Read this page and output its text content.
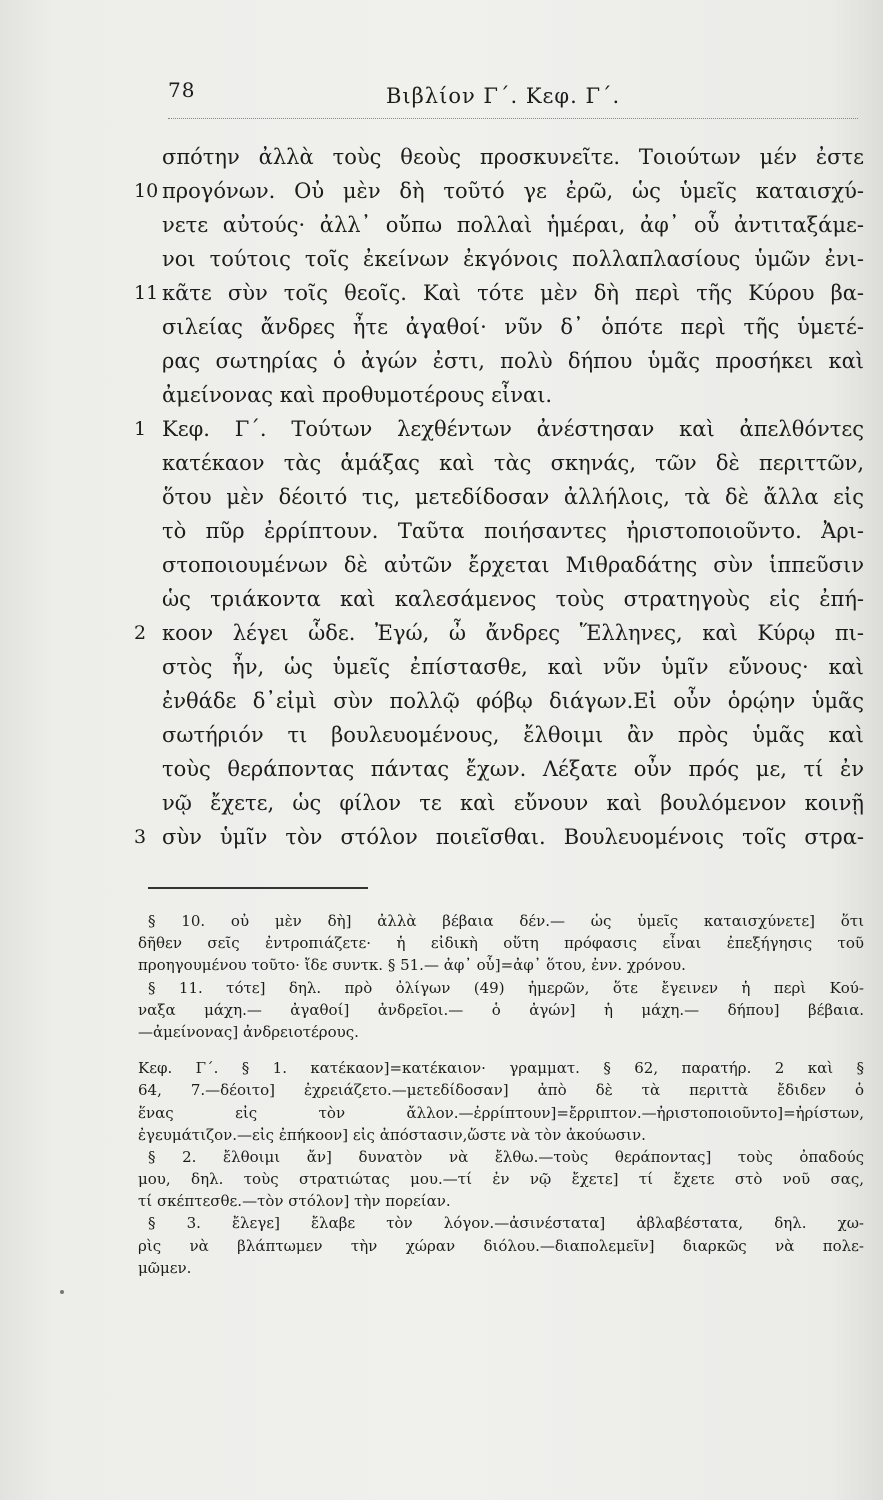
78	Βιβλίον Γ΄. Κεφ. Γ΄.
σπότην ἀλλὰ τοὺς θεοὺς προσκυνεῖτε. Τοιούτων μέν ἐστε
10 προγόνων. Οὐ μὲν δὴ τοῦτό γε ἐρῶ, ὡς ὑμεῖς καταισχύ-
νετε αὐτούς· ἀλλ᾽ οὔπω πολλαὶ ἡμέραι, ἀφ᾽ οὗ ἀντιταξάμε-
νοι τούτοις τοῖς ἐκείνων ἐκγόνοις πολλαπλασίους ὑμῶν ἐνι-
11 κᾶτε σὺν τοῖς θεοῖς. Καὶ τότε μὲν δὴ περὶ τῆς Κύρου βα-
σιλείας ἄνδρες ἦτε ἀγαθοί· νῦν δ᾽ ὁπότε περὶ τῆς ὑμετέ-
ρας σωτηρίας ὁ ἀγών ἐστι, πολὺ δήπου ὑμᾶς προσήκει καὶ
ἀμείνονας καὶ προθυμοτέρους εἶναι.
1 Κεφ. Γ΄. Τούτων λεχθέντων ἀνέστησαν καὶ ἀπελθόντες
κατέκαον τὰς ἁμάξας καὶ τὰς σκηνάς, τῶν δὲ περιττῶν,
ὅτου μὲν δέοιτό τις, μετεδίδοσαν ἀλλήλοις, τὰ δὲ ἄλλα εἰς
τὸ πῦρ ἐρρίπτουν. Ταῦτα ποιήσαντες ἠριστοποιοῦντο. Ἀρι-
στοποιουμένων δὲ αὐτῶν ἔρχεται Μιθραδάτης σὺν ἱππεῦσιν
ὡς τριάκοντα καὶ καλεσάμενος τοὺς στρατηγοὺς εἰς ἐπή-
2 κοον λέγει ὧδε. Ἐγώ, ὦ ἄνδρες Ἕλληνες, καὶ Κύρῳ πι-
στὸς ἦν, ὡς ὑμεῖς ἐπίστασθε, καὶ νῦν ὑμῖν εὔνους· καὶ
ἐνθάδε δ᾽εἰμὶ σὺν πολλῷ φόβῳ διάγων.Εἰ οὖν ὁρῴην ὑμᾶς
σωτήριόν τι βουλευομένους, ἔλθοιμι ἂν πρὸς ὑμᾶς καὶ
τοὺς θεράποντας πάντας ἔχων. Λέξατε οὖν πρός με, τί ἐν
νῷ ἔχετε, ὡς φίλον τε καὶ εὔνουν καὶ βουλόμενον κοινῇ
3 σὺν ὑμῖν τὸν στόλον ποιεῖσθαι. Βουλευομένοις τοῖς στρα-
§ 10. οὐ μὲν δὴ] ἀλλὰ βέβαια δέν.— ὡς ὑμεῖς καταισχύνετε] ὅτι
δῆθεν σεῖς ἐντροπιάζετε· ἡ εἰδικὴ οὕτη πρόφασις εἶναι ἐπεξήγησις τοῦ
προηγουμένου τοῦτο· ἴδε συντκ. § 51.— ἀφ᾽ οὗ]=ἀφ᾽ ὅτου, ἐνν. χρόνου.
§ 11. τότε] δηλ. πρὸ ὀλίγων (49) ἡμερῶν, ὅτε ἔγεινεν ἡ περὶ Κού-
ναξα μάχη.— ἀγαθοί] ἀνδρεῖοι.— ὁ ἀγών] ἡ μάχη.— δήπου] βέβαια.
—ἀμείνονας] ἀνδρειοτέρους.
Κεφ. Γ΄. § 1. κατέκαον]=κατέκαιον· γραμματ. § 62, παρατήρ. 2 καὶ §
64, 7.—δέοιτο] ἐχρειάζετο.—μετεδίδοσαν] ἀπὸ δὲ τὰ περιττὰ ἔδιδεν ὁ
ἕνας εἰς τὸν ἄλλον.—ἐρρίπτουν]=ἔρριπτον.—ἠριστοποιοῦντο]=ἠρίστων,
ἐγευμάτιζον.—εἰς ἐπήκοον] εἰς ἀπόστασιν,ὥστε νὰ τὸν ἀκούωσιν.
§ 2. ἔλθοιμι ἄν] δυνατὸν νὰ ἔλθω.—τοὺς θεράποντας] τοὺς ὀπαδούς
μου, δηλ. τοὺς στρατιώτας μου.—τί ἐν νῷ ἔχετε] τί ἔχετε στὸ νοῦ σας,
τί σκέπτεσθε.—τὸν στόλον] τὴν πορείαν.
§ 3. ἔλεγε] ἔλαβε τὸν λόγον.—ἀσινέστατα] ἀβλαβέστατα, δηλ. χω-
ρὶς νὰ βλάπτωμεν τὴν χώραν διόλου.—διαπολεμεῖν] διαρκῶς νὰ πολε-
μῶμεν.
